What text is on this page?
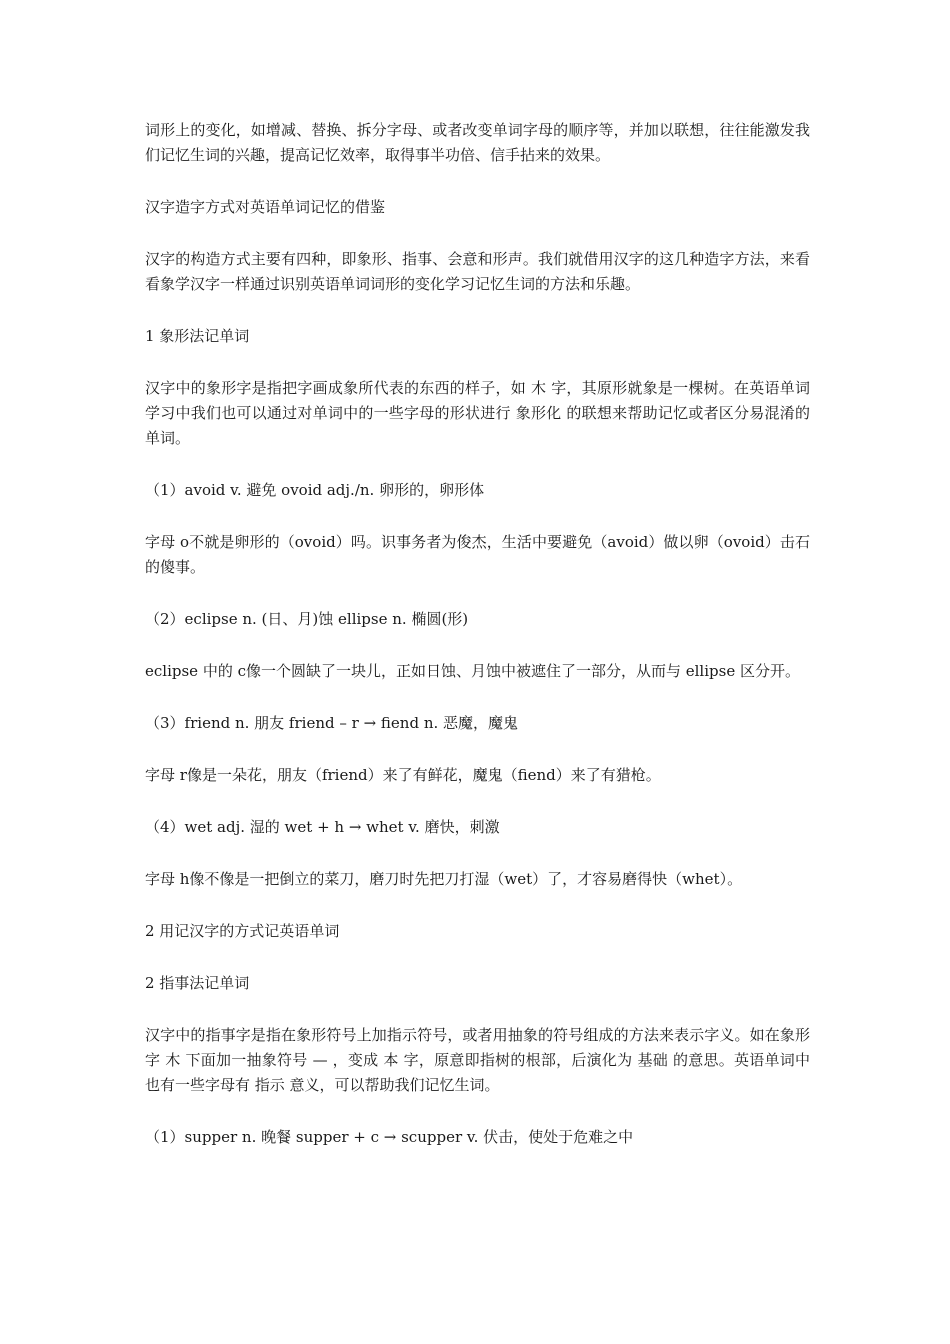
词形上的变化，如增减、替换、拆分字母、或者改变单词字母的顺序等，并加以联想，往往能激发我们记忆生词的兴趣，提高记忆效率，取得事半功倍、信手拈来的效果。

汉字造字方式对英语单词记忆的借鉴

汉字的构造方式主要有四种，即象形、指事、会意和形声。我们就借用汉字的这几种造字方法，来看看象学汉字一样通过识别英语单词词形的变化学习记忆生词的方法和乐趣。

1 象形法记单词

汉字中的象形字是指把字画成象所代表的东西的样子，如 木 字，其原形就象是一棵树。在英语单词学习中我们也可以通过对单词中的一些字母的形状进行 象形化 的联想来帮助记忆或者区分易混淆的单词。

（1）avoid v. 避免 ovoid adj./n. 卵形的，卵形体

字母 o不就是卵形的（ovoid）吗。识事务者为俊杰，生活中要避免（avoid）做以卵（ovoid）击石的傻事。

（2）eclipse n. (日、月)蚀 ellipse n. 椭圆(形)

eclipse 中的 c像一个圆缺了一块儿，正如日蚀、月蚀中被遮住了一部分，从而与 ellipse 区分开。

（3）friend n. 朋友 friend – r → fiend n. 恶魔，魔鬼

字母 r像是一朵花，朋友（friend）来了有鲜花，魔鬼（fiend）来了有猎枪。

（4）wet adj. 湿的 wet + h → whet v. 磨快，刺激

字母 h像不像是一把倒立的菜刀，磨刀时先把刀打湿（wet）了，才容易磨得快（whet）。

2 用记汉字的方式记英语单词

2 指事法记单词

汉字中的指事字是指在象形符号上加指示符号，或者用抽象的符号组成的方法来表示字义。如在象形字 木 下面加一抽象符号 — ，变成 本 字，原意即指树的根部，后演化为 基础 的意思。英语单词中也有一些字母有 指示 意义，可以帮助我们记忆生词。

（1）supper n. 晚餐 supper + c → scupper v. 伏击，使处于危难之中
